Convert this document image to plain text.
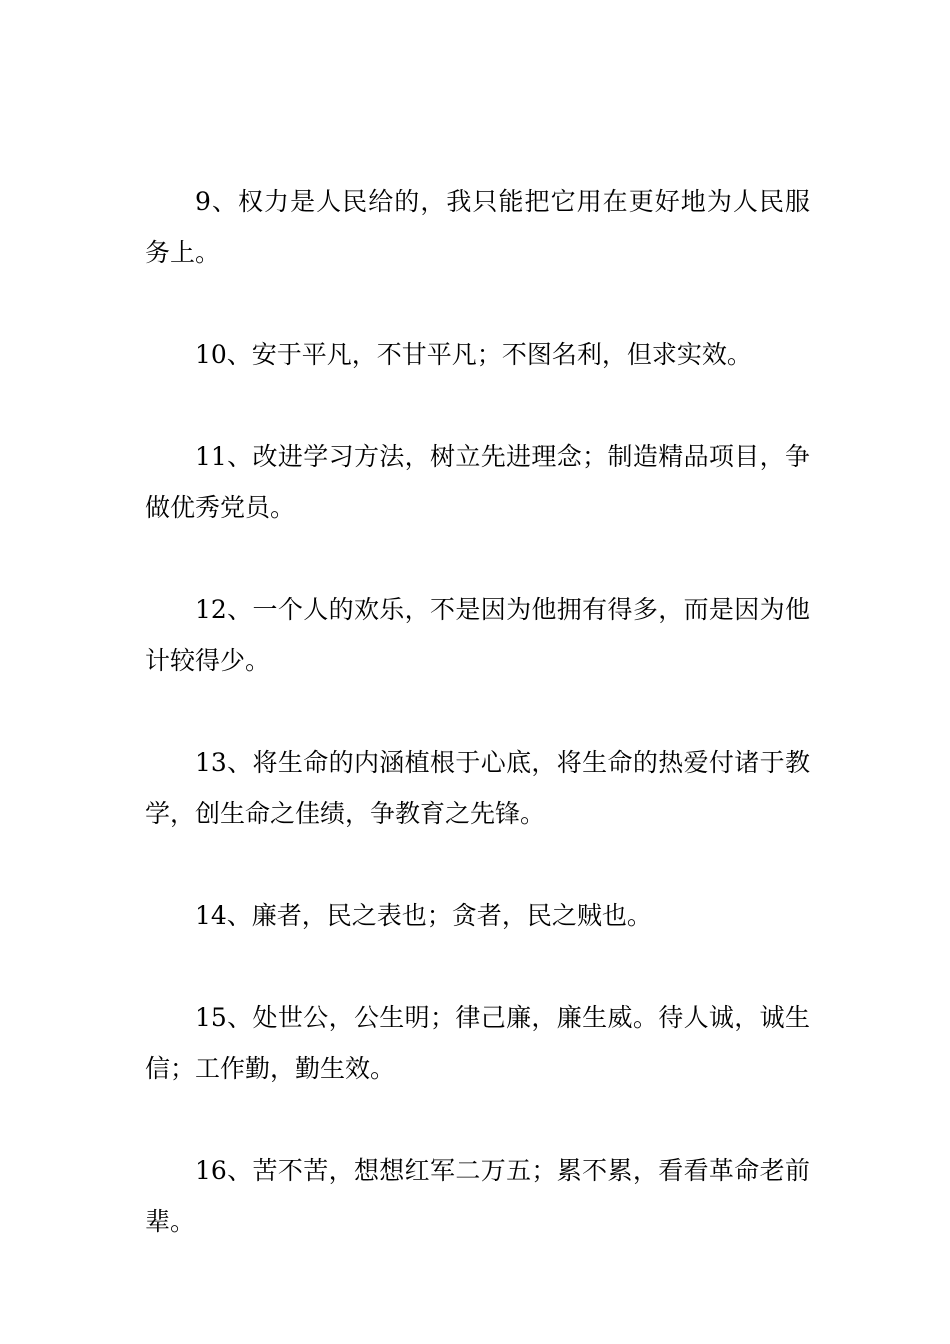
9、权力是人民给的，我只能把它用在更好地为人民服务上。

10、安于平凡，不甘平凡；不图名利，但求实效。

11、改进学习方法，树立先进理念；制造精品项目，争做优秀党员。

12、一个人的欢乐，不是因为他拥有得多，而是因为他计较得少。

13、将生命的内涵植根于心底，将生命的热爱付诸于教学，创生命之佳绩，争教育之先锋。

14、廉者，民之表也；贪者，民之贼也。

15、处世公，公生明；律己廉，廉生威。待人诚，诚生信；工作勤，勤生效。

16、苦不苦，想想红军二万五；累不累，看看革命老前辈。
